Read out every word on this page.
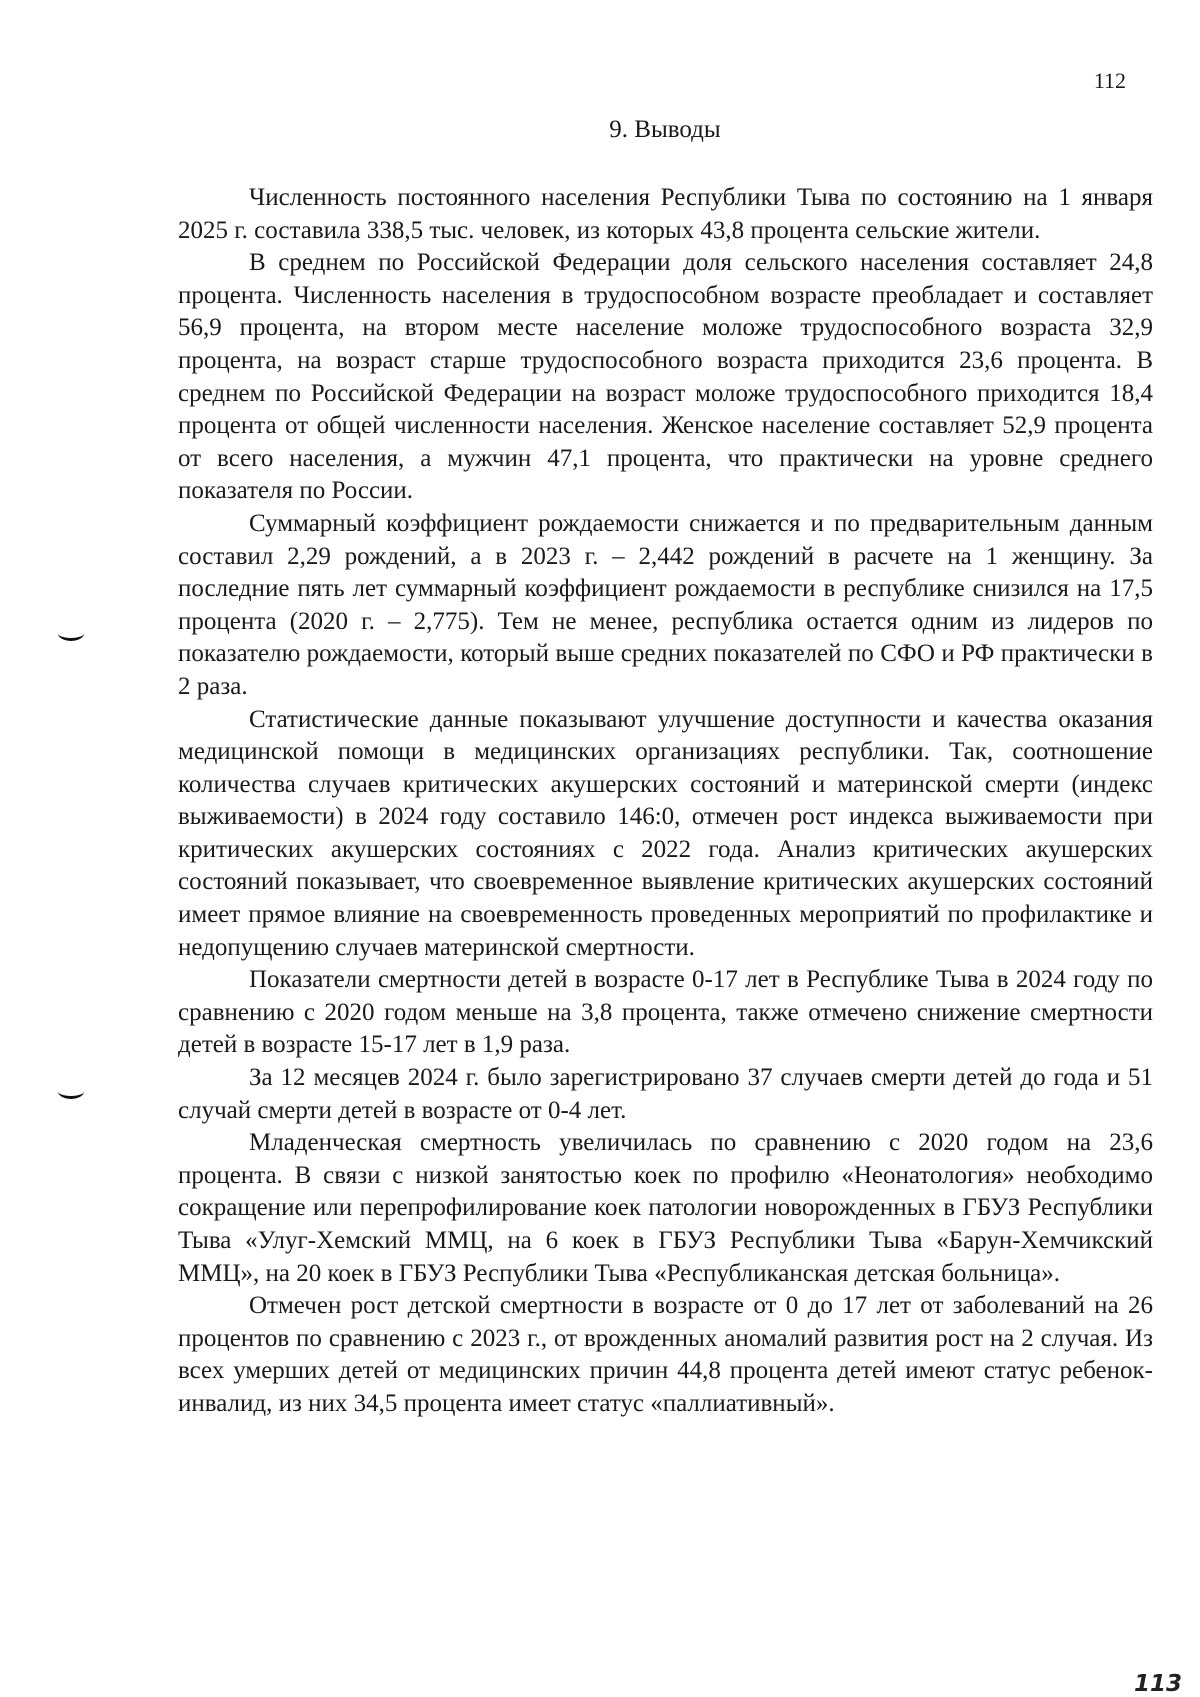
112
9. Выводы

Численность постоянного населения Республики Тыва по состоянию на 1 января 2025 г. составила 338,5 тыс. человек, из которых 43,8 процента сельские жители.

В среднем по Российской Федерации доля сельского населения составляет 24,8 процента. Численность населения в трудоспособном возрасте преобладает и составляет 56,9 процента, на втором месте население моложе трудоспособного возраста 32,9 процента, на возраст старше трудоспособного возраста приходится 23,6 процента. В среднем по Российской Федерации на возраст моложе трудоспособного приходится 18,4 процента от общей численности населения. Женское население составляет 52,9 процента от всего населения, а мужчин 47,1 процента, что практически на уровне среднего показателя по России.

Суммарный коэффициент рождаемости снижается и по предварительным данным составил 2,29 рождений, а в 2023 г. – 2,442 рождений в расчете на 1 женщину. За последние пять лет суммарный коэффициент рождаемости в республике снизился на 17,5 процента (2020 г. – 2,775). Тем не менее, республика остается одним из лидеров по показателю рождаемости, который выше средних показателей по СФО и РФ практически в 2 раза.

Статистические данные показывают улучшение доступности и качества оказания медицинской помощи в медицинских организациях республики. Так, соотношение количества случаев критических акушерских состояний и материнской смерти (индекс выживаемости) в 2024 году составило 146:0, отмечен рост индекса выживаемости при критических акушерских состояниях с 2022 года. Анализ критических акушерских состояний показывает, что своевременное выявление критических акушерских состояний имеет прямое влияние на своевременность проведенных мероприятий по профилактике и недопущению случаев материнской смертности.

Показатели смертности детей в возрасте 0-17 лет в Республике Тыва в 2024 году по сравнению с 2020 годом меньше на 3,8 процента, также отмечено снижение смертности детей в возрасте 15-17 лет в 1,9 раза.

За 12 месяцев 2024 г. было зарегистрировано 37 случаев смерти детей до года и 51 случай смерти детей в возрасте от 0-4 лет.

Младенческая смертность увеличилась по сравнению с 2020 годом на 23,6 процента. В связи с низкой занятостью коек по профилю «Неонатология» необходимо сокращение или перепрофилирование коек патологии новорожденных в ГБУЗ Республики Тыва «Улуг-Хемский ММЦ, на 6 коек в ГБУЗ Республики Тыва «Барун-Хемчикский ММЦ», на 20 коек в ГБУЗ Республики Тыва «Республиканская детская больница».

Отмечен рост детской смертности в возрасте от 0 до 17 лет от заболеваний на 26 процентов по сравнению с 2023 г., от врожденных аномалий развития рост на 2 случая. Из всех умерших детей от медицинских причин 44,8 процента детей имеют статус ребенок-инвалид, из них 34,5 процента имеет статус «паллиативный».

113
